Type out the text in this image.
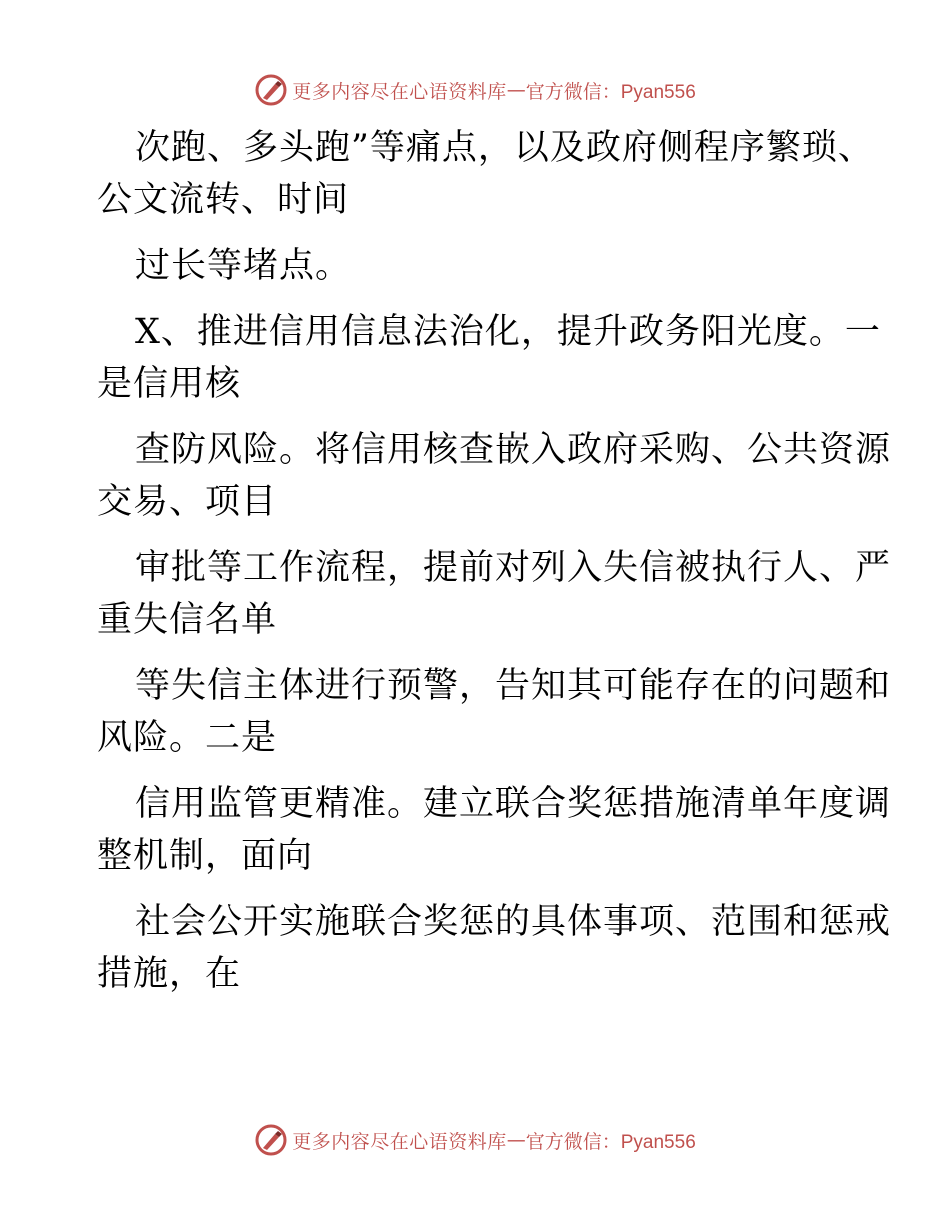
更多内容尽在心语资料库 — 官方微信：Pyan556

次跑、多头跑”等痛点，以及政府侧程序繁琐、

公文流转、时间

过长等堵点。

X、推进信用信息法治化，提升政务阳光度。一

是信用核

查防风险。将信用核查嵌入政府采购、公共资源

交易、项目

审批等工作流程，提前对列入失信被执行人、严

重失信名单

等失信主体进行预警，告知其可能存在的问题和

风险。二是

信用监管更精准。建立联合奖惩措施清单年度调

整机制，面向

社会公开实施联合奖惩的具体事项、范围和惩戒

措施，在

更多内容尽在心语资料库 — 官方微信：Pyan556
